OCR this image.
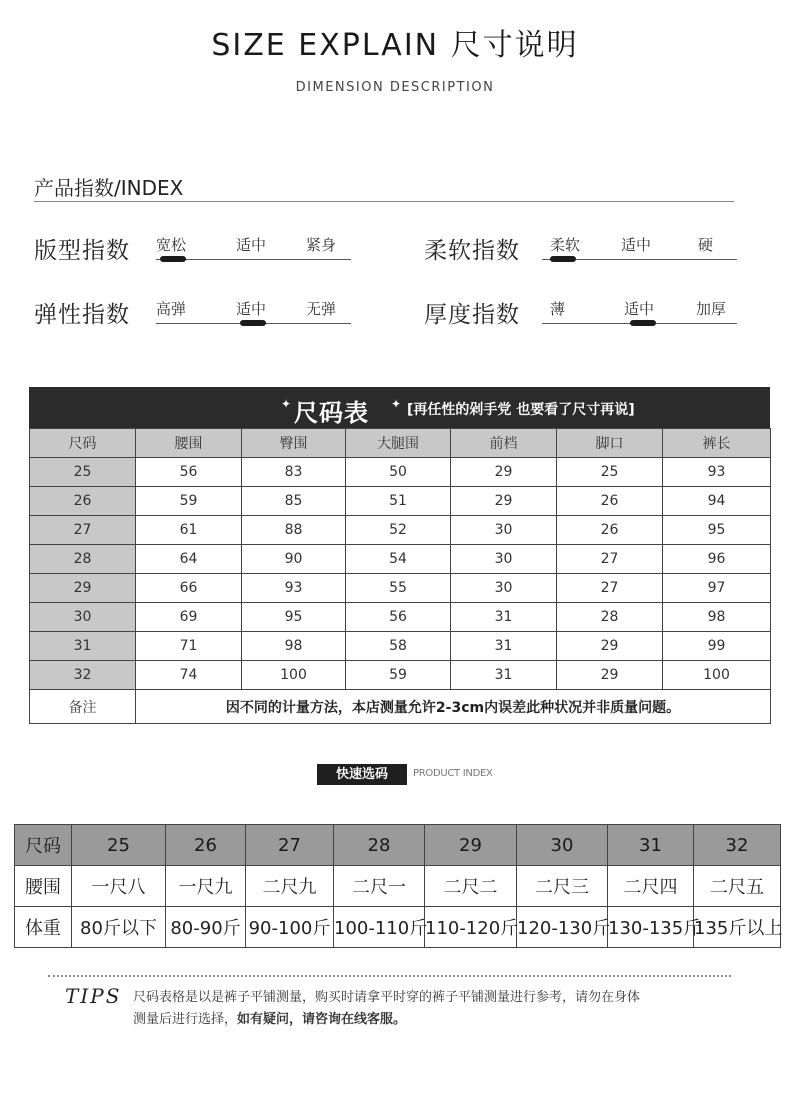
SIZE EXPLAIN 尺寸说明
DIMENSION DESCRIPTION
产品指数/INDEX
版型指数 宽松	适中	紧身	柔软指数 柔软	适中	硬
弹性指数 高弹	适中	无弹	厚度指数 薄	适中	加厚
✦ 尺码表 ✦ [再任性的剁手党 也要看了尺寸再说]
尺码	腰围	臀围	大腿围	前档	脚口	裤长
25	56	83	50	29	25	93
26	59	85	51	29	26	94
27	61	88	52	30	26	95
28	64	90	54	30	27	96
29	66	93	55	30	27	97
30	69	95	56	31	28	98
31	71	98	58	31	29	99
32	74	100	59	31	29	100
备注	因不同的计量方法，本店测量允许2-3cm内误差此种状况并非质量问题。					
快速选码	PRODUCT INDEX
尺码	25	26	27	28	29	30	31	32
腰围	一尺八	一尺九	二尺九	二尺一	二尺二	二尺三	二尺四	二尺五
体重	80斤以下	80-90斤	90-100斤	100-110斤	110-120斤	120-130斤	130-135斤	135斤以上
TIPS 尺码表格是以是裤子平铺测量，购买时请拿平时穿的裤子平铺测量进行参考，请勿在身体
测量后进行选择，如有疑问，请咨询在线客服。
